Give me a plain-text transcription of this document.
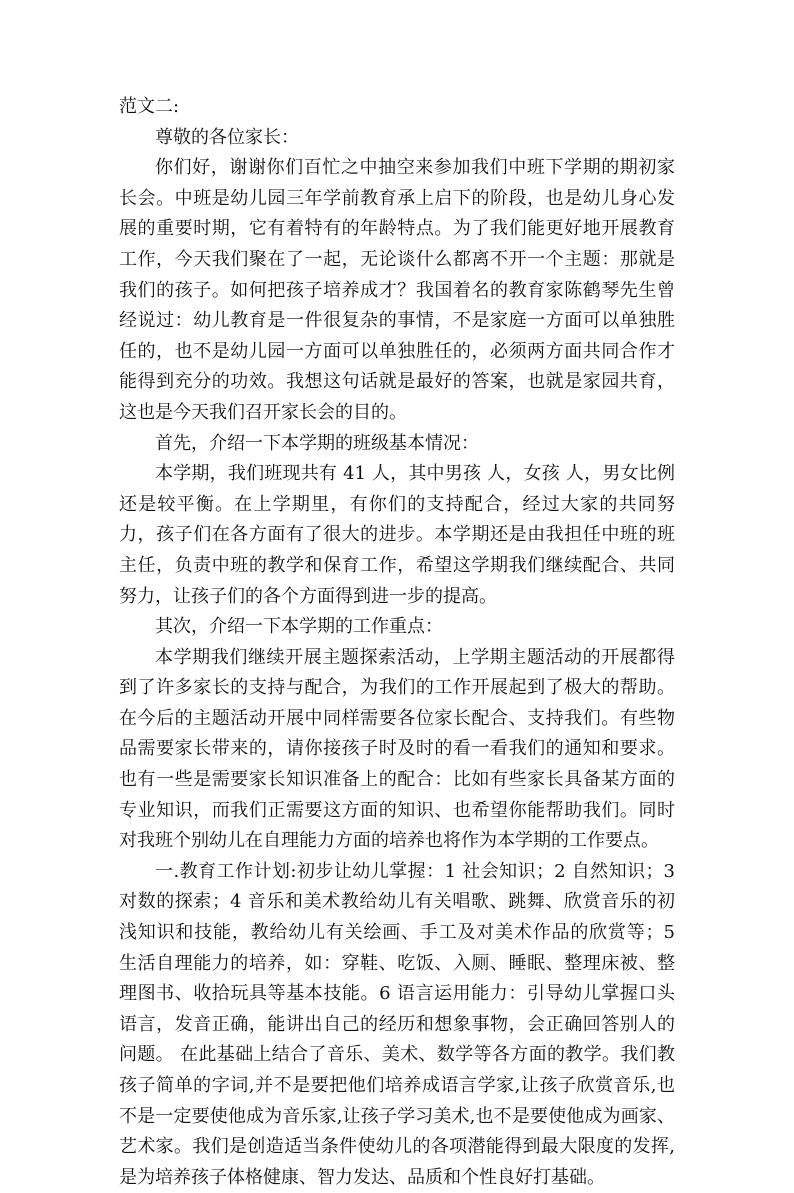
范文二:

尊敬的各位家长：

你们好，谢谢你们百忙之中抽空来参加我们中班下学期的期初家长会。中班是幼儿园三年学前教育承上启下的阶段，也是幼儿身心发展的重要时期，它有着特有的年龄特点。为了我们能更好地开展教育工作，今天我们聚在了一起，无论谈什么都离不开一个主题：那就是我们的孩子。如何把孩子培养成才？我国着名的教育家陈鹤琴先生曾经说过：幼儿教育是一件很复杂的事情，不是家庭一方面可以单独胜任的，也不是幼儿园一方面可以单独胜任的，必须两方面共同合作才能得到充分的功效。我想这句话就是最好的答案，也就是家园共育，这也是今天我们召开家长会的目的。

首先，介绍一下本学期的班级基本情况：

本学期，我们班现共有 41 人，其中男孩 人，女孩 人，男女比例还是较平衡。在上学期里，有你们的支持配合，经过大家的共同努力，孩子们在各方面有了很大的进步。本学期还是由我担任中班的班主任，负责中班的教学和保育工作，希望这学期我们继续配合、共同努力，让孩子们的各个方面得到进一步的提高。

其次，介绍一下本学期的工作重点：

本学期我们继续开展主题探索活动，上学期主题活动的开展都得到了许多家长的支持与配合，为我们的工作开展起到了极大的帮助。在今后的主题活动开展中同样需要各位家长配合、支持我们。有些物品需要家长带来的，请你接孩子时及时的看一看我们的通知和要求。也有一些是需要家长知识准备上的配合：比如有些家长具备某方面的专业知识，而我们正需要这方面的知识、也希望你能帮助我们。同时对我班个别幼儿在自理能力方面的培养也将作为本学期的工作要点。

一.教育工作计划:初步让幼儿掌握：1 社会知识；2 自然知识；3 对数的探索；4 音乐和美术教给幼儿有关唱歌、跳舞、欣赏音乐的初浅知识和技能，教给幼儿有关绘画、手工及对美术作品的欣赏等；5 生活自理能力的培养，如：穿鞋、吃饭、入厕、睡眠、整理床被、整理图书、收拾玩具等基本技能。6 语言运用能力：引导幼儿掌握口头语言，发音正确，能讲出自己的经历和想象事物，会正确回答别人的问题。 在此基础上结合了音乐、美术、数学等各方面的教学。我们教孩子简单的字词,并不是要把他们培养成语言学家,让孩子欣赏音乐,也不是一定要使他成为音乐家,让孩子学习美术,也不是要使他成为画家、艺术家。我们是创造适当条件使幼儿的各项潜能得到最大限度的发挥,是为培养孩子体格健康、智力发达、品质和个性良好打基础。
